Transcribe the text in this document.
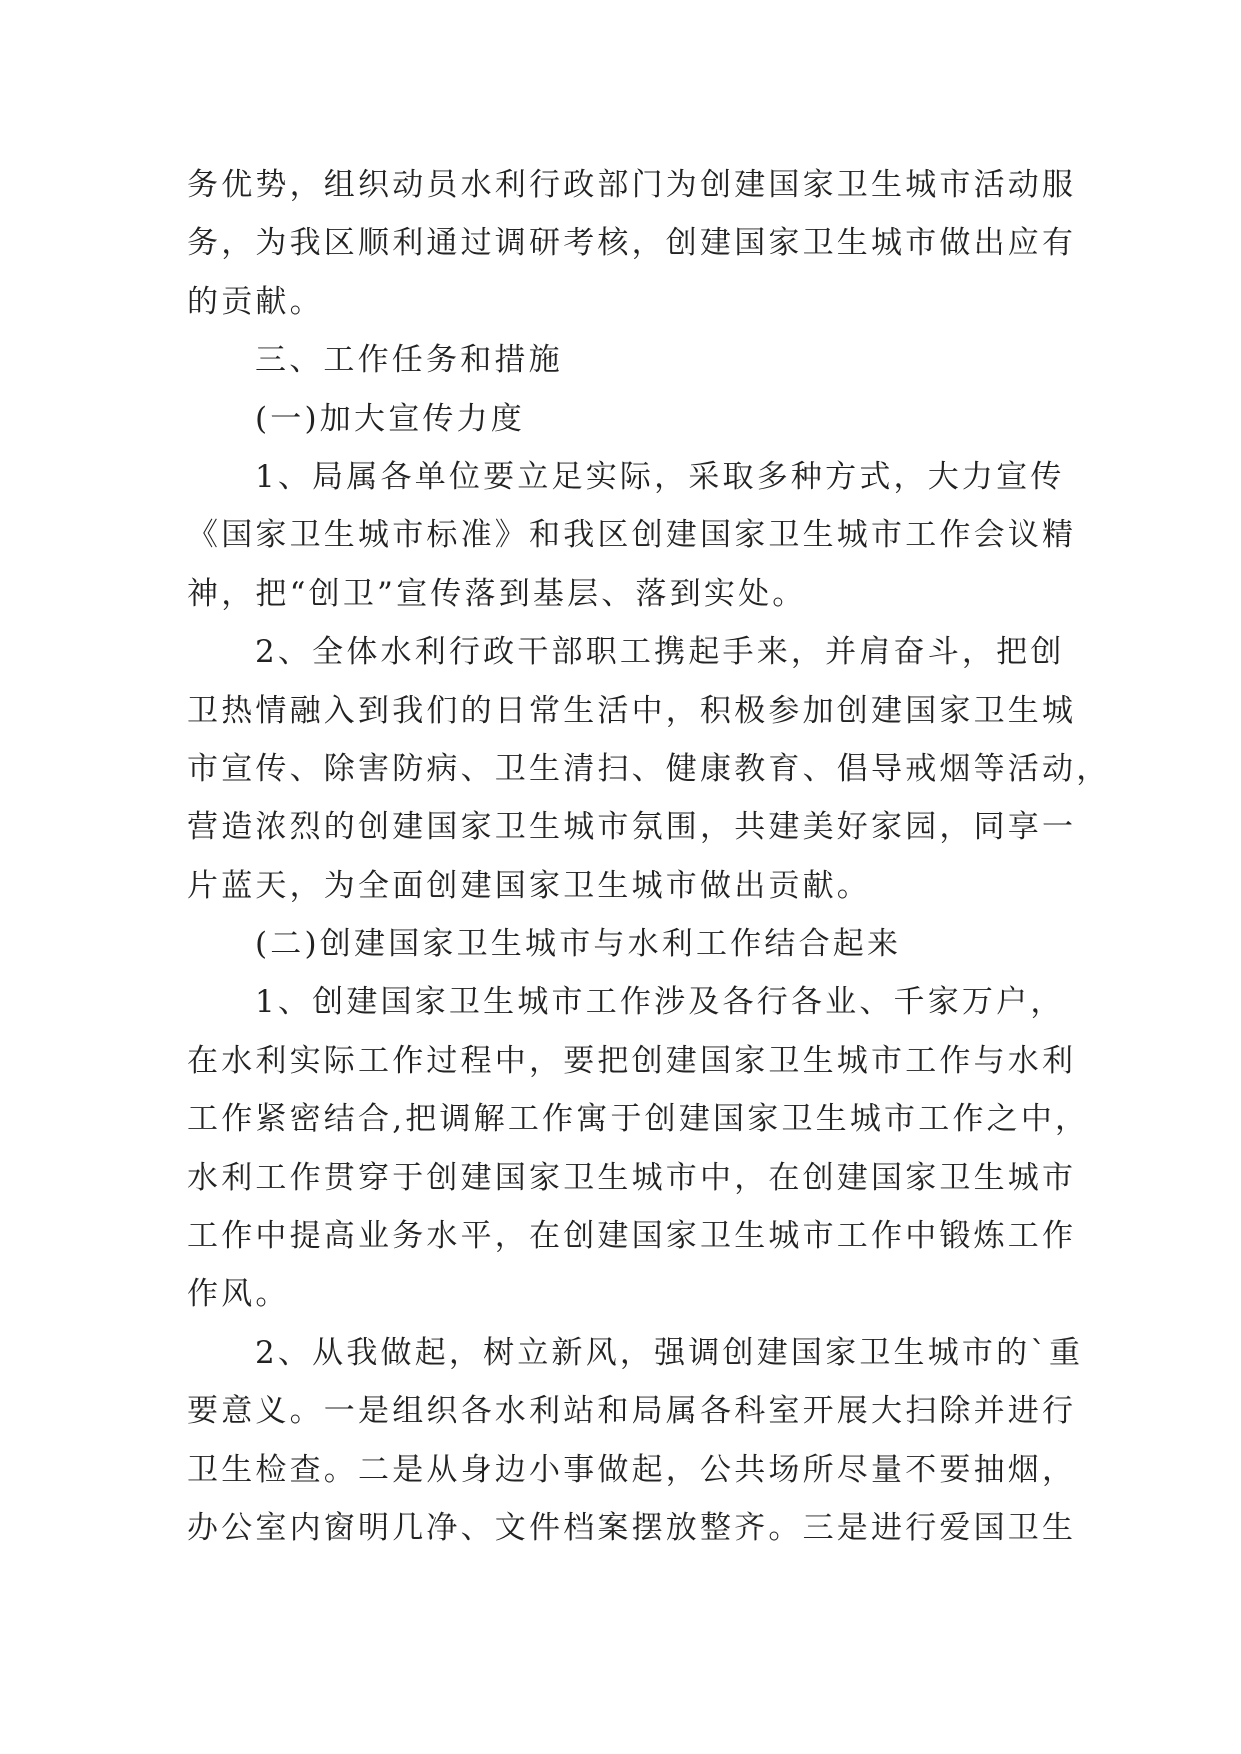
务优势，组织动员水利行政部门为创建国家卫生城市活动服
务，为我区顺利通过调研考核，创建国家卫生城市做出应有
的贡献。
三、工作任务和措施
(一)加大宣传力度
1、局属各单位要立足实际，采取多种方式，大力宣传
《国家卫生城市标准》和我区创建国家卫生城市工作会议精
神，把“创卫”宣传落到基层、落到实处。
2、全体水利行政干部职工携起手来，并肩奋斗，把创
卫热情融入到我们的日常生活中，积极参加创建国家卫生城
市宣传、除害防病、卫生清扫、健康教育、倡导戒烟等活动，
营造浓烈的创建国家卫生城市氛围，共建美好家园，同享一
片蓝天，为全面创建国家卫生城市做出贡献。
(二)创建国家卫生城市与水利工作结合起来
1、创建国家卫生城市工作涉及各行各业、千家万户，
在水利实际工作过程中，要把创建国家卫生城市工作与水利
工作紧密结合,把调解工作寓于创建国家卫生城市工作之中，
水利工作贯穿于创建国家卫生城市中，在创建国家卫生城市
工作中提高业务水平，在创建国家卫生城市工作中锻炼工作
作风。
2、从我做起，树立新风，强调创建国家卫生城市的`重
要意义。一是组织各水利站和局属各科室开展大扫除并进行
卫生检查。二是从身边小事做起，公共场所尽量不要抽烟，
办公室内窗明几净、文件档案摆放整齐。三是进行爱国卫生
